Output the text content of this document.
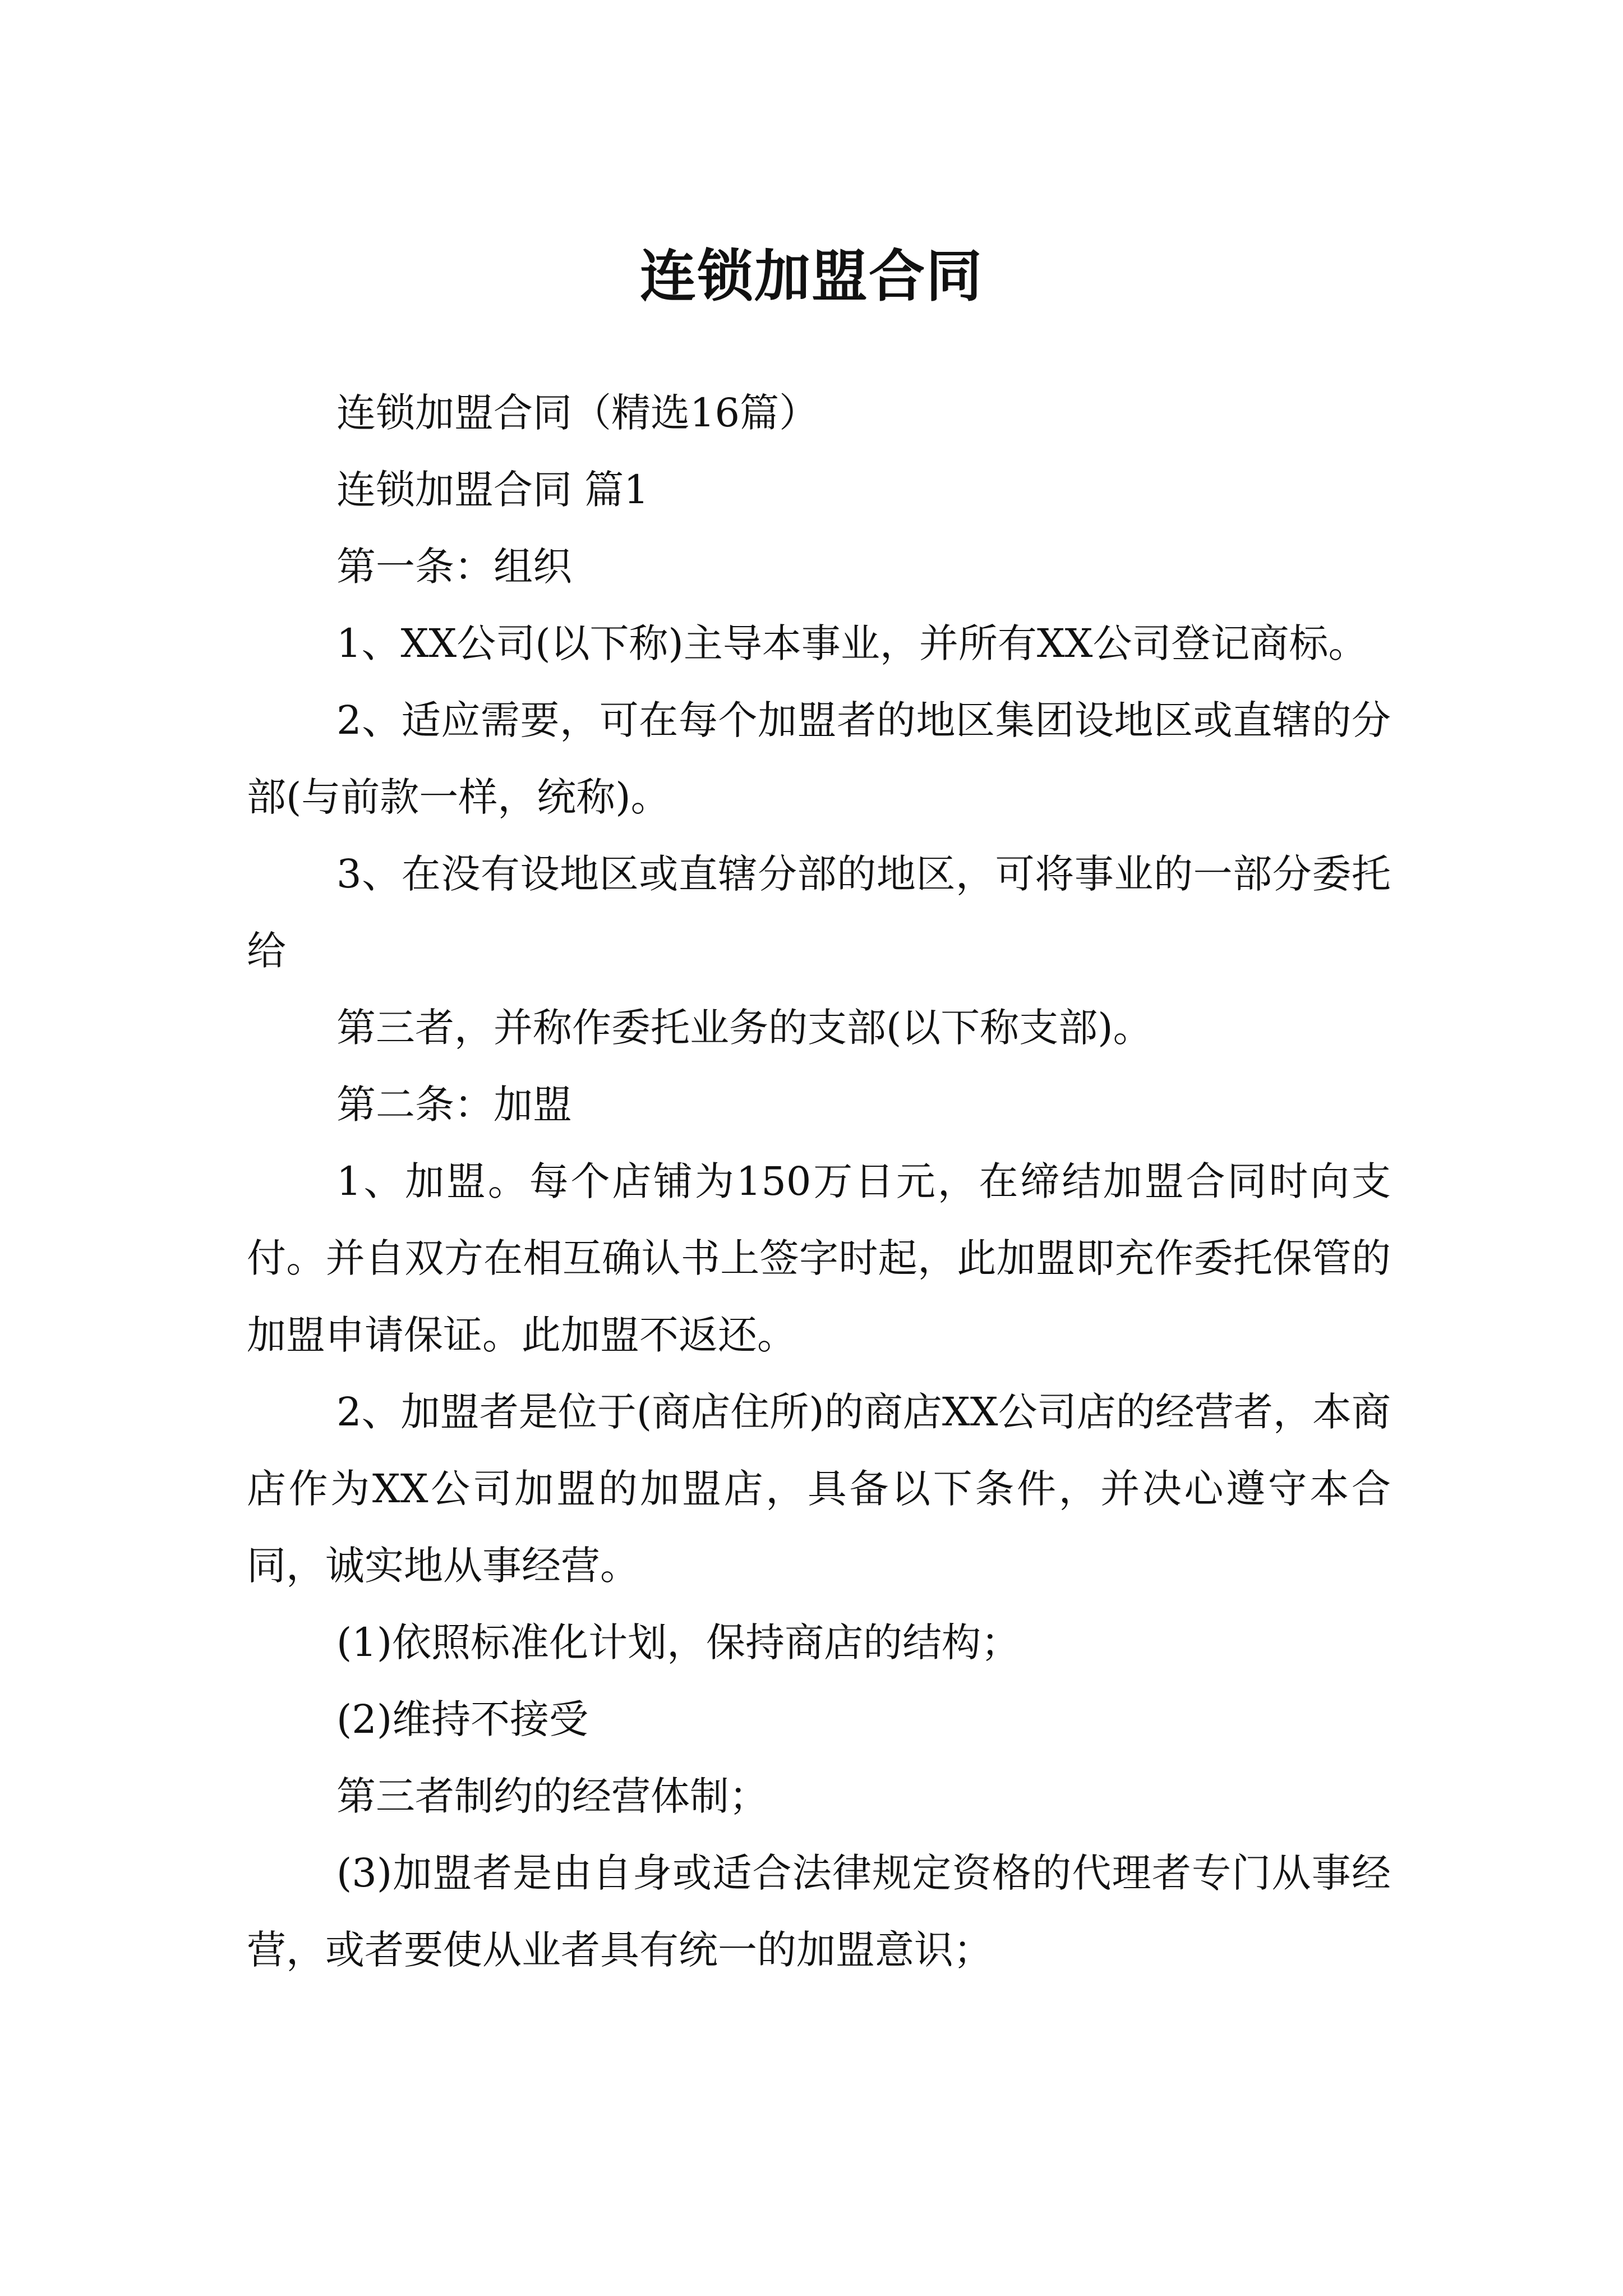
连锁加盟合同

连锁加盟合同（精选16篇）

连锁加盟合同 篇1

第一条：组织

1、XX公司(以下称)主导本事业，并所有XX公司登记商标。

2、适应需要，可在每个加盟者的地区集团设地区或直辖的分部(与前款一样，统称)。

3、在没有设地区或直辖分部的地区，可将事业的一部分委托给

第三者，并称作委托业务的支部(以下称支部)。

第二条：加盟

1、加盟。每个店铺为150万日元，在缔结加盟合同时向支付。并自双方在相互确认书上签字时起，此加盟即充作委托保管的加盟申请保证。此加盟不返还。

2、加盟者是位于(商店住所)的商店XX公司店的经营者，本商店作为XX公司加盟的加盟店，具备以下条件，并决心遵守本合同，诚实地从事经营。

(1)依照标准化计划，保持商店的结构；

(2)维持不接受

第三者制约的经营体制；

(3)加盟者是由自身或适合法律规定资格的代理者专门从事经营，或者要使从业者具有统一的加盟意识；
